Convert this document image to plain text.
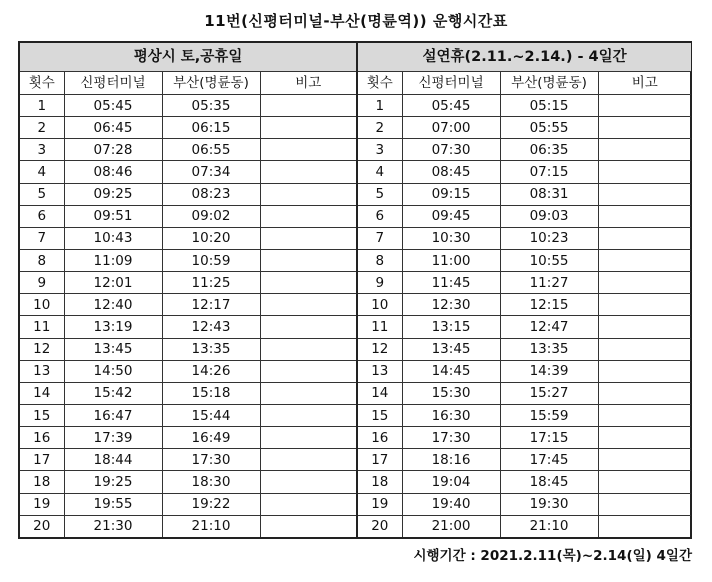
11번(신평터미널-부산(명륜역)) 운행시간표
평상시 토,공휴일			
횟수	신평터미널	부산(명륜동)	비고
1	05:45	05:35	
2	06:45	06:15	
3	07:28	06:55	
4	08:46	07:34	
5	09:25	08:23	
6	09:51	09:02	
7	10:43	10:20	
8	11:09	10:59	
9	12:01	11:25	
10	12:40	12:17	
11	13:19	12:43	
12	13:45	13:35	
13	14:50	14:26	
14	15:42	15:18	
15	16:47	15:44	
16	17:39	16:49	
17	18:44	17:30	
18	19:25	18:30	
19	19:55	19:22	
20	21:30	21:10	
설연휴(2.11.~2.14.) - 4일간			
횟수	신평터미널	부산(명륜동)	비고
1	05:45	05:15	
2	07:00	05:55	
3	07:30	06:35	
4	08:45	07:15	
5	09:15	08:31	
6	09:45	09:03	
7	10:30	10:23	
8	11:00	10:55	
9	11:45	11:27	
10	12:30	12:15	
11	13:15	12:47	
12	13:45	13:35	
13	14:45	14:39	
14	15:30	15:27	
15	16:30	15:59	
16	17:30	17:15	
17	18:16	17:45	
18	19:04	18:45	
19	19:40	19:30	
20	21:00	21:10	
시행기간 : 2021.2.11(목)~2.14(일) 4일간
